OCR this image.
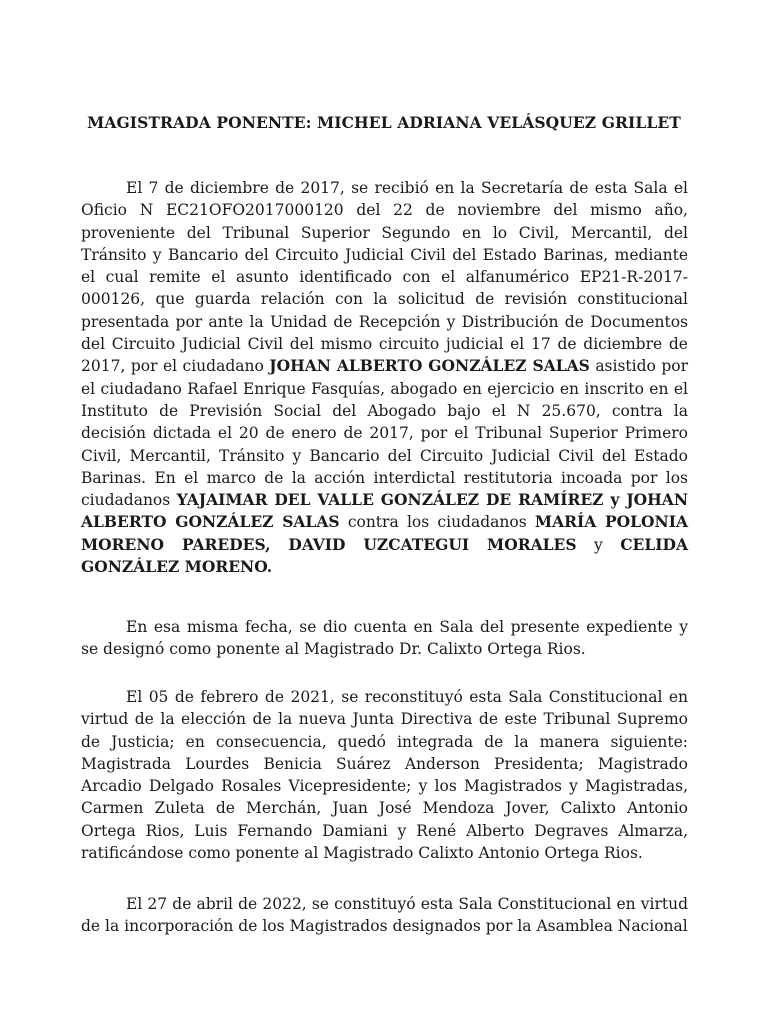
MAGISTRADA PONENTE: MICHEL ADRIANA VELÁSQUEZ GRILLET

El 7 de diciembre de 2017, se recibió en la Secretaría de esta Sala el Oficio N EC21OFO2017000120 del 22 de noviembre del mismo año, proveniente del Tribunal Superior Segundo en lo Civil, Mercantil, del Tránsito y Bancario del Circuito Judicial Civil del Estado Barinas, mediante el cual remite el asunto identificado con el alfanumérico EP21-R-2017-000126, que guarda relación con la solicitud de revisión constitucional presentada por ante la Unidad de Recepción y Distribución de Documentos del Circuito Judicial Civil del mismo circuito judicial el 17 de diciembre de 2017, por el ciudadano JOHAN ALBERTO GONZÁLEZ SALAS asistido por el ciudadano Rafael Enrique Fasquías, abogado en ejercicio en inscrito en el Instituto de Previsión Social del Abogado bajo el N 25.670, contra la decisión dictada el 20 de enero de 2017, por el Tribunal Superior Primero Civil, Mercantil, Tránsito y Bancario del Circuito Judicial Civil del Estado Barinas. En el marco de la acción interdictal restitutoria incoada por los ciudadanos YAJAIMAR DEL VALLE GONZÁLEZ DE RAMÍREZ y JOHAN ALBERTO GONZÁLEZ SALAS contra los ciudadanos MARÍA POLONIA MORENO PAREDES, DAVID UZCATEGUI MORALES y CELIDA GONZÁLEZ MORENO.

En esa misma fecha, se dio cuenta en Sala del presente expediente y se designó como ponente al Magistrado Dr. Calixto Ortega Rios.

El 05 de febrero de 2021, se reconstituyó esta Sala Constitucional en virtud de la elección de la nueva Junta Directiva de este Tribunal Supremo de Justicia; en consecuencia, quedó integrada de la manera siguiente: Magistrada Lourdes Benicia Suárez Anderson Presidenta; Magistrado Arcadio Delgado Rosales Vicepresidente; y los Magistrados y Magistradas, Carmen Zuleta de Merchán, Juan José Mendoza Jover, Calixto Antonio Ortega Rios, Luis Fernando Damiani y René Alberto Degraves Almarza, ratificándose como ponente al Magistrado Calixto Antonio Ortega Rios.

El 27 de abril de 2022, se constituyó esta Sala Constitucional en virtud de la incorporación de los Magistrados designados por la Asamblea Nacional
